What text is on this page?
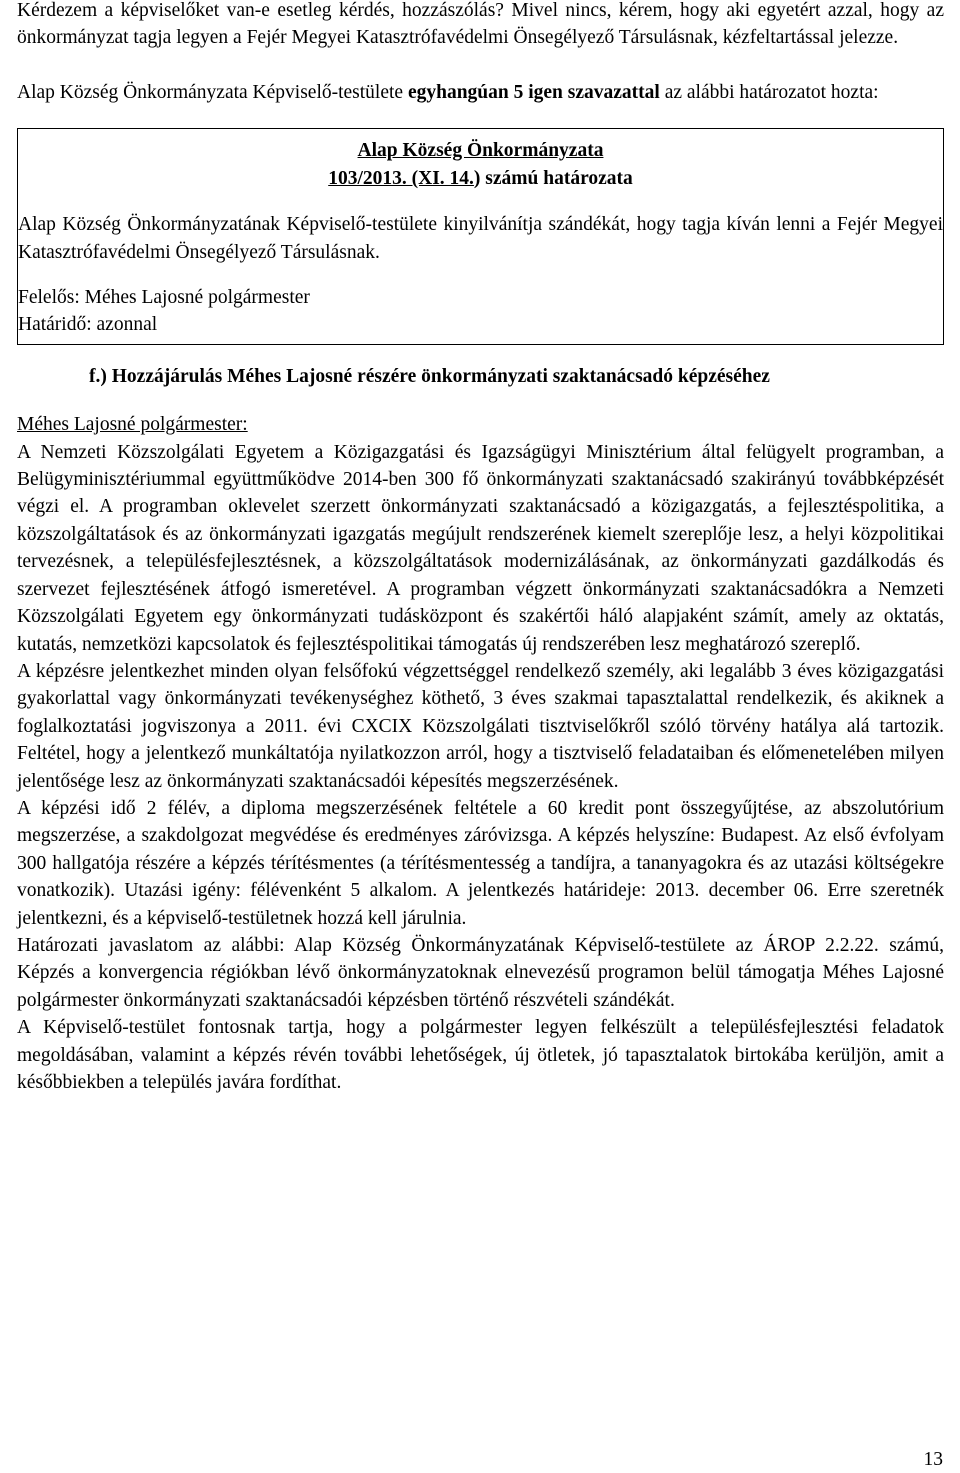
Kérdezem a képviselőket van-e esetleg kérdés, hozzászólás? Mivel nincs, kérem, hogy aki egyetért azzal, hogy az önkormányzat tagja legyen a Fejér Megyei Katasztrófavédelmi Önsegélyező Társulásnak, kézfeltartással jelezze.

Alap Község Önkormányzata Képviselő-testülete egyhangúan 5 igen szavazattal az alábbi határozatot hozta:

Alap Község Önkormányzata

103/2013. (XI. 14.) számú határozata

Alap Község Önkormányzatának Képviselő-testülete kinyilvánítja szándékát, hogy tagja kíván lenni a Fejér Megyei Katasztrófavédelmi Önsegélyező Társulásnak.

Felelős: Méhes Lajosné polgármester

Határidő: azonnal

f.) Hozzájárulás Méhes Lajosné részére önkormányzati szaktanácsadó képzéséhez

Méhes Lajosné polgármester:

A Nemzeti Közszolgálati Egyetem a Közigazgatási és Igazságügyi Minisztérium által felügyelt programban, a Belügyminisztériummal együttműködve 2014-ben 300 fő önkormányzati szaktanácsadó szakirányú továbbképzését végzi el. A programban oklevelet szerzett önkormányzati szaktanácsadó a közigazgatás, a fejlesztéspolitika, a közszolgáltatások és az önkormányzati igazgatás megújult rendszerének kiemelt szereplője lesz, a helyi közpolitikai tervezésnek, a településfejlesztésnek, a közszolgáltatások modernizálásának, az önkormányzati gazdálkodás és szervezet fejlesztésének átfogó ismeretével. A programban végzett önkormányzati szaktanácsadókra a Nemzeti Közszolgálati Egyetem egy önkormányzati tudásközpont és szakértői háló alapjaként számít, amely az oktatás, kutatás, nemzetközi kapcsolatok és fejlesztéspolitikai támogatás új rendszerében lesz meghatározó szereplő.

A képzésre jelentkezhet minden olyan felsőfokú végzettséggel rendelkező személy, aki legalább 3 éves közigazgatási gyakorlattal vagy önkormányzati tevékenységhez köthető, 3 éves szakmai tapasztalattal rendelkezik, és akiknek a foglalkoztatási jogviszonya a 2011. évi CXCIX Közszolgálati tisztviselőkről szóló törvény hatálya alá tartozik. Feltétel, hogy a jelentkező munkáltatója nyilatkozzon arról, hogy a tisztviselő feladataiban és előmenetelében milyen jelentősége lesz az önkormányzati szaktanácsadói képesítés megszerzésének.

A képzési idő 2 félév, a diploma megszerzésének feltétele a 60 kredit pont összegyűjtése, az abszolutórium megszerzése, a szakdolgozat megvédése és eredményes záróvizsga. A képzés helyszíne: Budapest. Az első évfolyam 300 hallgatója részére a képzés térítésmentes (a térítésmentesség a tandíjra, a tananyagokra és az utazási költségekre vonatkozik). Utazási igény: félévenként 5 alkalom. A jelentkezés határideje: 2013. december 06. Erre szeretnék jelentkezni, és a képviselő-testületnek hozzá kell járulnia.

Határozati javaslatom az alábbi: Alap Község Önkormányzatának Képviselő-testülete az ÁROP 2.2.22. számú, Képzés a konvergencia régiókban lévő önkormányzatoknak elnevezésű programon belül támogatja Méhes Lajosné polgármester önkormányzati szaktanácsadói képzésben történő részvételi szándékát.

A Képviselő-testület fontosnak tartja, hogy a polgármester legyen felkészült a településfejlesztési feladatok megoldásában, valamint a képzés révén további lehetőségek, új ötletek, jó tapasztalatok birtokába kerüljön, amit a későbbiekben a település javára fordíthat.

13
